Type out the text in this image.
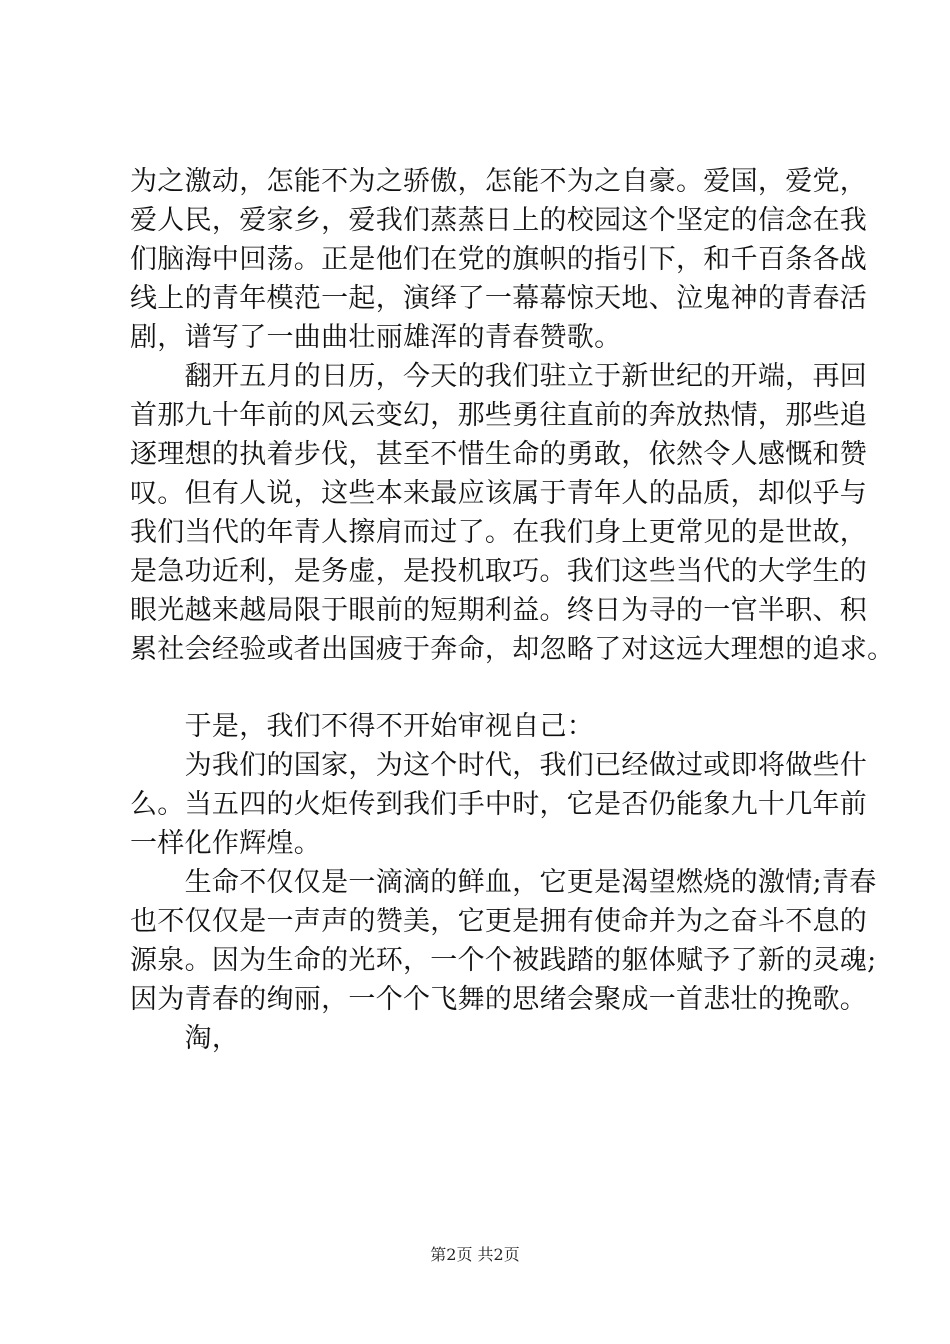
为之激动，怎能不为之骄傲，怎能不为之自豪。爱国，爱党，
爱人民，爱家乡，爱我们蒸蒸日上的校园这个坚定的信念在我
们脑海中回荡。正是他们在党的旗帜的指引下，和千百条各战
线上的青年模范一起，演绎了一幕幕惊天地、泣鬼神的青春活
剧，谱写了一曲曲壮丽雄浑的青春赞歌。
　　翻开五月的日历，今天的我们驻立于新世纪的开端，再回
首那九十年前的风云变幻，那些勇往直前的奔放热情，那些追
逐理想的执着步伐，甚至不惜生命的勇敢，依然令人感慨和赞
叹。但有人说，这些本来最应该属于青年人的品质，却似乎与
我们当代的年青人擦肩而过了。在我们身上更常见的是世故，
是急功近利，是务虚，是投机取巧。我们这些当代的大学生的
眼光越来越局限于眼前的短期利益。终日为寻的一官半职、积
累社会经验或者出国疲于奔命，却忽略了对这远大理想的追求。
　　于是，我们不得不开始审视自己：
　　为我们的国家，为这个时代，我们已经做过或即将做些什
么。当五四的火炬传到我们手中时，它是否仍能象九十几年前
一样化作辉煌。
　　生命不仅仅是一滴滴的鲜血，它更是渴望燃烧的激情;青春
也不仅仅是一声声的赞美，它更是拥有使命并为之奋斗不息的
源泉。因为生命的光环，一个个被践踏的躯体赋予了新的灵魂;
因为青春的绚丽，一个个飞舞的思绪会聚成一首悲壮的挽歌。
　　淘，
第2页 共2页
